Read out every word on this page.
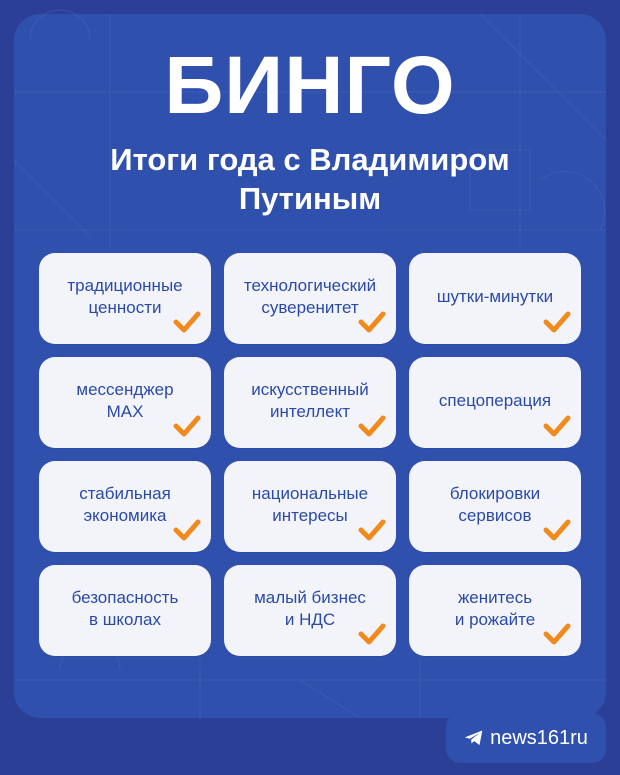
БИНГО
Итоги года с Владимиром Путиным
традиционные
ценности
технологический
суверенитет
шутки-минутки
мессенджер
MAX
искусственный
интеллект
спецоперация
стабильная
экономика
национальные
интересы
блокировки
сервисов
безопасность
в школах
малый бизнес
и НДС
женитесь
и рожайте
news161ru
